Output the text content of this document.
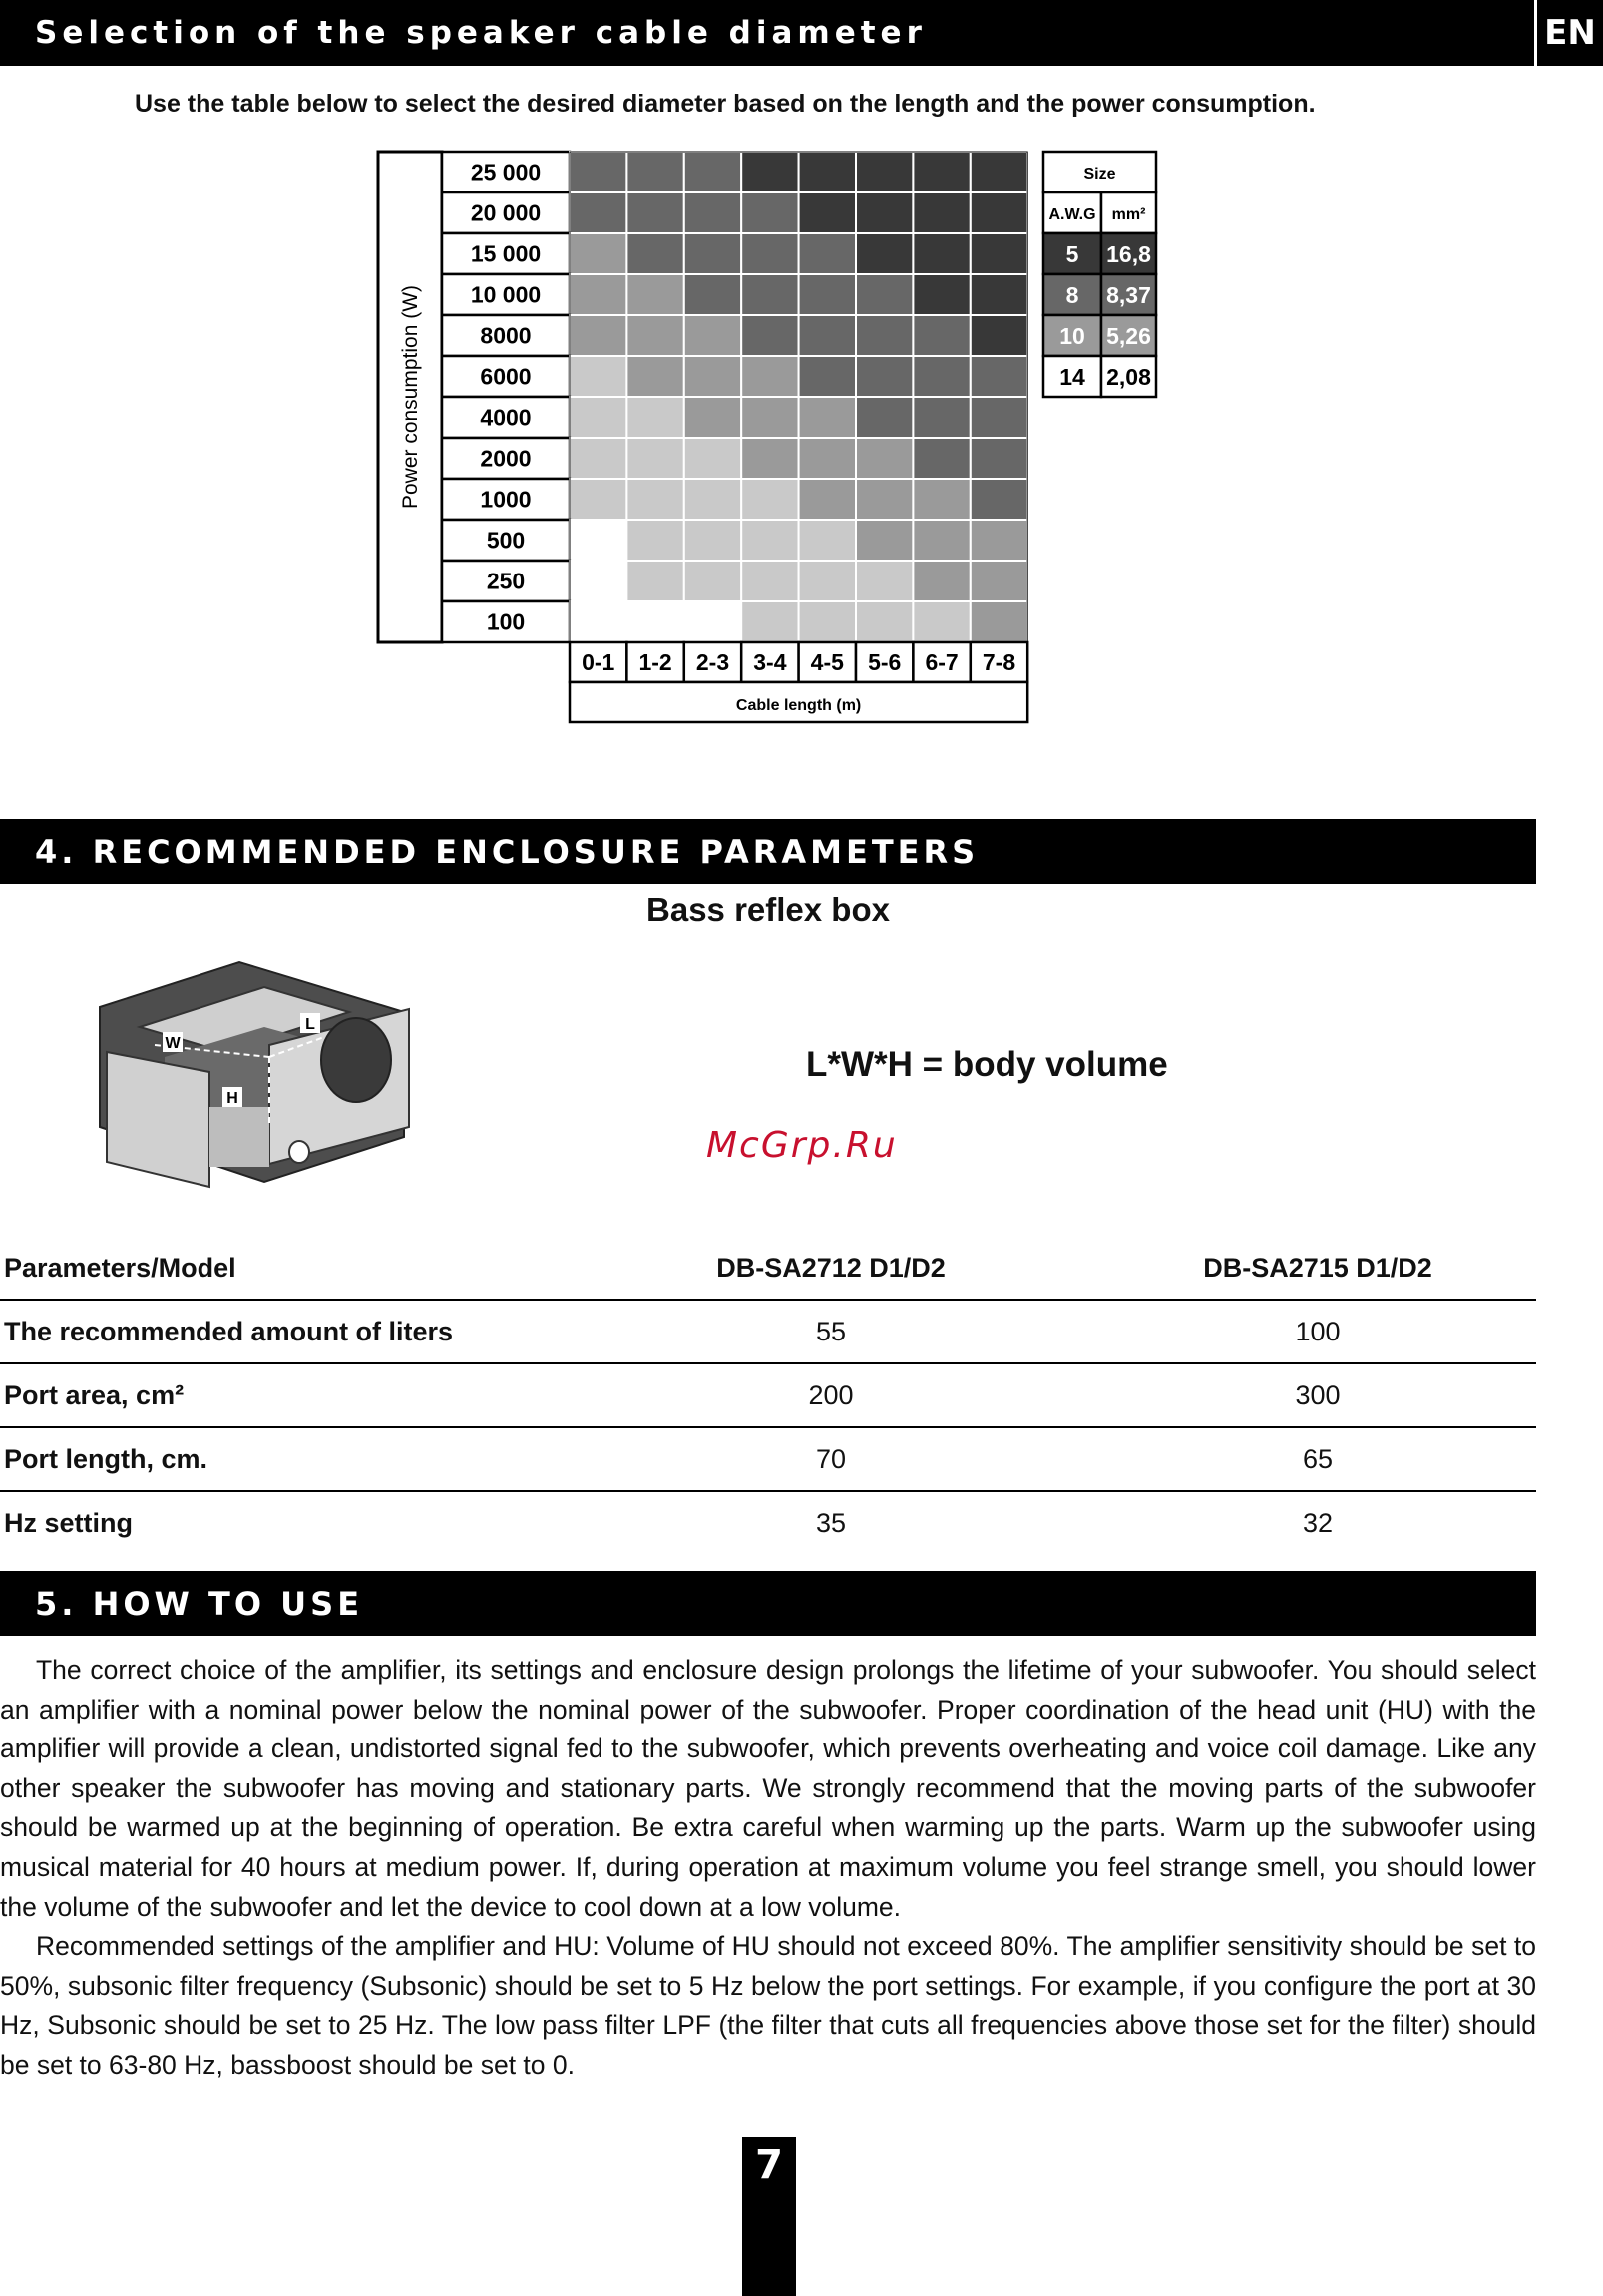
Selection of the speaker cable diameter	EN
Use the table below to select the desired diameter based on the length and the power consumption.
Power consumption (W)
25 000
20 000
15 000
10 000
8000
6000
4000
2000
1000
500
250
100
0-1 1-2 2-3 3-4 4-5 5-6 6-7 7-8
Cable length (m)
Size
A.W.G mm²
5 16,8
8 8,37
10 5,26
14 2,08
4. RECOMMENDED ENCLOSURE PARAMETERS
Bass reflex box
W
L
H
L*W*H = body volume
McGrp.Ru
Parameters/Model	DB-SA2712 D1/D2	DB-SA2715 D1/D2
The recommended amount of liters	55	100
Port area, cm²	200	300
Port length, cm.	70	65
Hz setting	35	32
5. HOW TO USE

The correct choice of the amplifier, its settings and enclosure design prolongs the lifetime of your subwoofer. You should select an amplifier with a nominal power below the nominal power of the subwoofer. Proper coordination of the head unit (HU) with the amplifier will provide a clean, undistorted signal fed to the subwoofer, which prevents overheating and voice coil damage. Like any other speaker the subwoofer has moving and stationary parts. We strongly recommend that the moving parts of the subwoofer should be warmed up at the beginning of operation. Be extra careful when warming up the parts. Warm up the subwoofer using musical material for 40 hours at medium power. If, during operation at maximum volume you feel strange smell, you should lower the volume of the subwoofer and let the device to cool down at a low volume.

Recommended settings of the amplifier and HU: Volume of HU should not exceed 80%. The amplifier sensitivity should be set to 50%, subsonic filter frequency (Subsonic) should be set to 5 Hz below the port settings. For example, if you configure the port at 30 Hz, Subsonic should be set to 25 Hz. The low pass filter LPF (the filter that cuts all frequencies above those set for the filter) should be set to 63-80 Hz, bassboost should be set to 0.

7
